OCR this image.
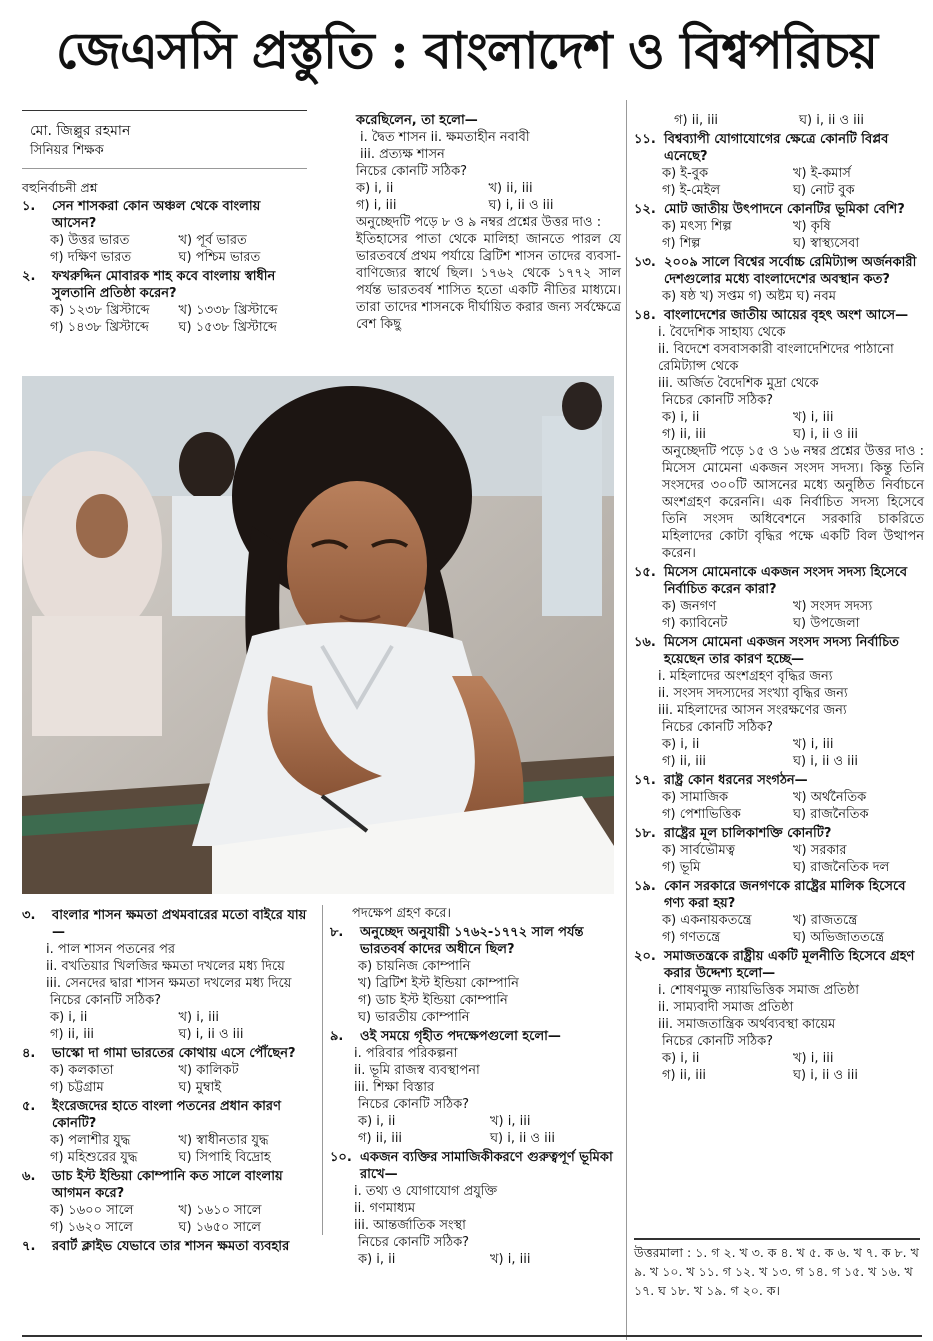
জেএসসি প্রস্তুতি : বাংলাদেশ ও বিশ্বপরিচয়
মো. জিল্লুর রহমান
সিনিয়র শিক্ষক
বহুনির্বাচনী প্রশ্ন
১.	সেন শাসকরা কোন অঞ্চল থেকে বাংলায় আসেন?
ক) উত্তর ভারত	খ) পূর্ব ভারত
গ) দক্ষিণ ভারত	ঘ) পশ্চিম ভারত
২.	ফখরুদ্দিন মোবারক শাহ কবে বাংলায় স্বাধীন সুলতানি প্রতিষ্ঠা করেন?
ক) ১২৩৮ খ্রিস্টাব্দে	খ) ১৩৩৮ খ্রিস্টাব্দে
গ) ১৪৩৮ খ্রিস্টাব্দে	ঘ) ১৫৩৮ খ্রিস্টাব্দে
করেছিলেন, তা হলো—
i. দ্বৈত শাসন ii. ক্ষমতাহীন নবাবী
iii. প্রত্যক্ষ শাসন
নিচের কোনটি সঠিক?
ক) i, ii	খ) ii, iii
গ) i, iii	ঘ) i, ii ও iii
অনুচ্ছেদটি পড়ে ৮ ও ৯ নম্বর প্রশ্নের উত্তর দাও :
ইতিহাসের পাতা থেকে মালিহা জানতে পারল যে ভারতবর্ষে প্রথম পর্যায়ে ব্রিটিশ শাসন তাদের ব্যবসা-বাণিজ্যের স্বার্থে ছিল। ১৭৬২ থেকে ১৭৭২ সাল পর্যন্ত ভারতবর্ষ শাসিত হতো একটি নীতির মাধ্যমে। তারা তাদের শাসনকে দীর্ঘায়িত করার জন্য সর্বক্ষেত্রে বেশ কিছু
৩.	বাংলার শাসন ক্ষমতা প্রথমবারের মতো বাইরে যায়—
i. পাল শাসন পতনের পর
ii. বখতিয়ার খিলজির ক্ষমতা দখলের মধ্য দিয়ে
iii. সেনদের দ্বারা শাসন ক্ষমতা দখলের মধ্য দিয়ে
নিচের কোনটি সঠিক?
ক) i, ii	খ) i, iii
গ) ii, iii	ঘ) i, ii ও iii
৪.	ভাস্কো দা গামা ভারতের কোথায় এসে পৌঁছেন?
ক) কলকাতা	খ) কালিকট
গ) চট্টগ্রাম	ঘ) মুম্বাই
৫.	ইংরেজদের হাতে বাংলা পতনের প্রধান কারণ কোনটি?
ক) পলাশীর যুদ্ধ	খ) স্বাধীনতার যুদ্ধ
গ) মহিশুরের যুদ্ধ	ঘ) সিপাহি বিদ্রোহ
৬.	ডাচ ইস্ট ইন্ডিয়া কোম্পানি কত সালে বাংলায় আগমন করে?
ক) ১৬০০ সালে	খ) ১৬১০ সালে
গ) ১৬২০ সালে	ঘ) ১৬৫০ সালে
৭.	রবার্ট ক্লাইভ যেভাবে তার শাসন ক্ষমতা ব্যবহার
পদক্ষেপ গ্রহণ করে।
৮.	অনুচ্ছেদ অনুযায়ী ১৭৬২-১৭৭২ সাল পর্যন্ত ভারতবর্ষ কাদের অধীনে ছিল?
ক) চায়নিজ কোম্পানি
খ) ব্রিটিশ ইস্ট ইন্ডিয়া কোম্পানি
গ) ডাচ ইস্ট ইন্ডিয়া কোম্পানি
ঘ) ভারতীয় কোম্পানি
৯.	ওই সময়ে গৃহীত পদক্ষেপগুলো হলো—
i. পরিবার পরিকল্পনা
ii. ভূমি রাজস্ব ব্যবস্থাপনা
iii. শিক্ষা বিস্তার
নিচের কোনটি সঠিক?
ক) i, ii	খ) i, iii
গ) ii, iii	ঘ) i, ii ও iii
১০. একজন ব্যক্তির সামাজিকীকরণে গুরুত্বপূর্ণ ভূমিকা রাখে—
i. তথ্য ও যোগাযোগ প্রযুক্তি
ii. গণমাধ্যম
iii. আন্তর্জাতিক সংস্থা
নিচের কোনটি সঠিক?
ক) i, ii	খ) i, iii
গ) ii, iii	ঘ) i, ii ও iii
১১. বিশ্বব্যাপী যোগাযোগের ক্ষেত্রে কোনটি বিপ্লব এনেছে?
ক) ই-বুক	খ) ই-কমার্স
গ) ই-মেইল	ঘ) নোট বুক
১২. মোট জাতীয় উৎপাদনে কোনটির ভূমিকা বেশি?
ক) মৎস্য শিল্প	খ) কৃষি
গ) শিল্প	ঘ) স্বাস্থ্যসেবা
১৩. ২০০৯ সালে বিশ্বের সর্বোচ্চ রেমিট্যান্স অর্জনকারী দেশগুলোর মধ্যে বাংলাদেশের অবস্থান কত?
ক) ষষ্ঠ খ) সপ্তম গ) অষ্টম ঘ) নবম
১৪. বাংলাদেশের জাতীয় আয়ের বৃহৎ অংশ আসে—
i. বৈদেশিক সাহায্য থেকে
ii. বিদেশে বসবাসকারী বাংলাদেশিদের পাঠানো রেমিট্যান্স থেকে
iii. অর্জিত বৈদেশিক মুদ্রা থেকে
নিচের কোনটি সঠিক?
ক) i, ii	খ) i, iii
গ) ii, iii	ঘ) i, ii ও iii
অনুচ্ছেদটি পড়ে ১৫ ও ১৬ নম্বর প্রশ্নের উত্তর দাও :
মিসেস মোমেনা একজন সংসদ সদস্য। কিন্তু তিনি সংসদের ৩০০টি আসনের মধ্যে অনুষ্ঠিত নির্বাচনে অংশগ্রহণ করেননি। এক নির্বাচিত সদস্য হিসেবে তিনি সংসদ অধিবেশনে সরকারি চাকরিতে মহিলাদের কোটা বৃদ্ধির পক্ষে একটি বিল উত্থাপন করেন।
১৫. মিসেস মোমেনাকে একজন সংসদ সদস্য হিসেবে নির্বাচিত করেন কারা?
ক) জনগণ	খ) সংসদ সদস্য
গ) ক্যাবিনেট	ঘ) উপজেলা
১৬. মিসেস মোমেনা একজন সংসদ সদস্য নির্বাচিত হয়েছেন তার কারণ হচ্ছে—
i. মহিলাদের অংশগ্রহণ বৃদ্ধির জন্য
ii. সংসদ সদস্যদের সংখ্যা বৃদ্ধির জন্য
iii. মহিলাদের আসন সংরক্ষণের জন্য
নিচের কোনটি সঠিক?
ক) i, ii	খ) i, iii
গ) ii, iii	ঘ) i, ii ও iii
১৭. রাষ্ট্র কোন ধরনের সংগঠন—
ক) সামাজিক	খ) অর্থনৈতিক
গ) পেশাভিত্তিক	ঘ) রাজনৈতিক
১৮. রাষ্ট্রের মূল চালিকাশক্তি কোনটি?
ক) সার্বভৌমত্ব	খ) সরকার
গ) ভূমি	ঘ) রাজনৈতিক দল
১৯. কোন সরকারে জনগণকে রাষ্ট্রের মালিক হিসেবে গণ্য করা হয়?
ক) একনায়কতন্ত্রে	খ) রাজতন্ত্রে
গ) গণতন্ত্রে	ঘ) অভিজাততন্ত্রে
২০. সমাজতন্ত্রকে রাষ্ট্রীয় একটি মূলনীতি হিসেবে গ্রহণ করার উদ্দেশ্য হলো—
i. শোষণমুক্ত ন্যায়ভিত্তিক সমাজ প্রতিষ্ঠা
ii. সাম্যবাদী সমাজ প্রতিষ্ঠা
iii. সমাজতান্ত্রিক অর্থব্যবস্থা কায়েম
নিচের কোনটি সঠিক?
ক) i, ii	খ) i, iii
গ) ii, iii	ঘ) i, ii ও iii
উত্তরমালা : ১. গ ২. খ ৩. ক ৪. খ ৫. ক ৬. খ ৭. ক ৮. খ ৯. খ ১০. খ ১১. গ ১২. খ ১৩. গ ১৪. গ ১৫. খ ১৬. খ ১৭. ঘ ১৮. খ ১৯. গ ২০. ক।
